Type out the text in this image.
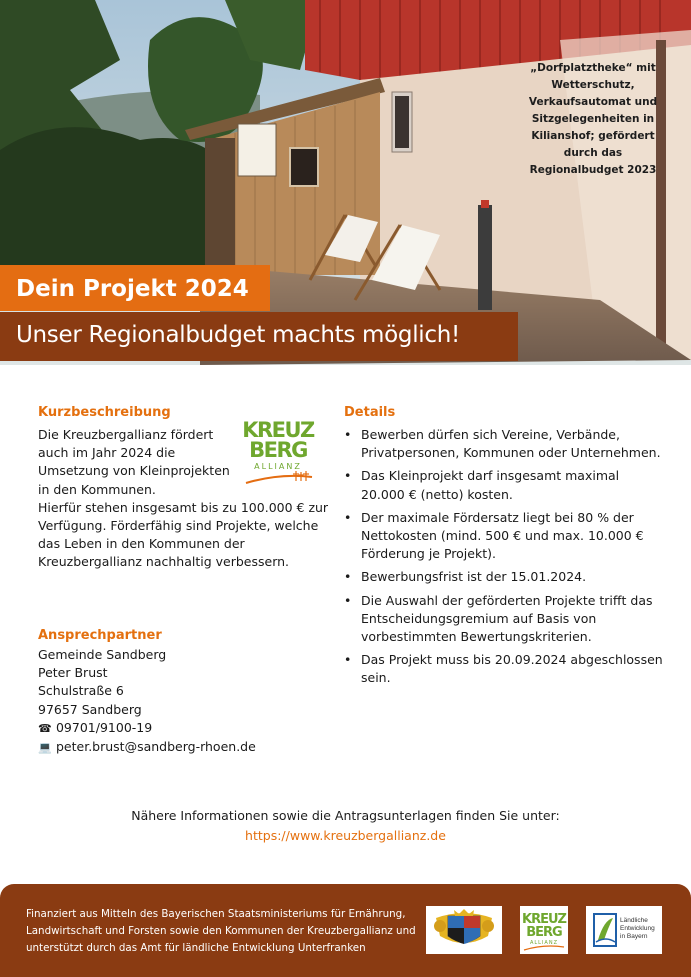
„Dorfplatztheke“ mit Wetterschutz, Verkaufsautomat und Sitzgelegenheiten in Kilianshof; gefördert durch das Regionalbudget 2023
Dein Projekt 2024
Unser Regionalbudget machts möglich!
Kurzbeschreibung
Die Kreuzbergallianz fördert auch im Jahr 2024 die Umsetzung von Kleinprojekten in den Kommunen.
Hierfür stehen insgesamt bis zu 100.000 € zur Verfügung. Förderfähig sind Projekte, welche das Leben in den Kommunen der Kreuzbergallianz nachhaltig verbessern.
KREUZ
BERG
ALLIANZ
Ansprechpartner
Gemeinde Sandberg
Peter Brust
Schulstraße 6
97657 Sandberg
☎ 09701/9100-19
💻 peter.brust@sandberg-rhoen.de
Details
• Bewerben dürfen sich Vereine, Verbände, Privatpersonen, Kommunen oder Unternehmen.
• Das Kleinprojekt darf insgesamt maximal 20.000 € (netto) kosten.
• Der maximale Fördersatz liegt bei 80 % der Nettokosten (mind. 500 € und max. 10.000 € Förderung je Projekt).
• Bewerbungsfrist ist der 15.01.2024.
• Die Auswahl der geförderten Projekte trifft das Entscheidungsgremium auf Basis von vorbestimmten Bewertungskriterien.
• Das Projekt muss bis 20.09.2024 abgeschlossen sein.
Nähere Informationen sowie die Antragsunterlagen finden Sie unter:
https://www.kreuzbergallianz.de
Finanziert aus Mitteln des Bayerischen Staatsministeriums für Ernährung, Landwirtschaft und Forsten sowie den Kommunen der Kreuzbergallianz und unterstützt durch das Amt für ländliche Entwicklung Unterfranken
KREUZ
BERG
ALLIANZ
Ländliche
Entwicklung
in Bayern
